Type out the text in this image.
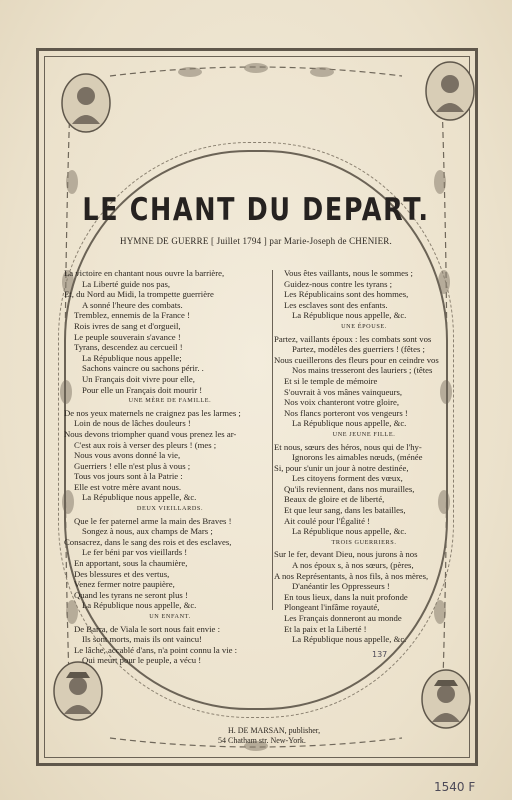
LE CHANT DU DEPART.
HYMNE DE GUERRE [ Juillet 1794 ] par Marie-Joseph de CHENIER.
La victoire en chantant nous ouvre la barrière,
La Liberté guide nos pas,
Et, du Nord au Midi, la trompette guerrière
A sonné l'heure des combats.
Tremblez, ennemis de la France !
Rois ivres de sang et d'orgueil,
Le peuple souverain s'avance !
Tyrans, descendez au cercueil !
La République nous appelle;
Sachons vaincre ou sachons périr. .
Un Français doit vivre pour elle,
Pour elle un Français doit mourir !
UNE MÈRE DE FAMILLE.
De nos yeux maternels ne craignez pas les larmes ;
Loin de nous de lâches douleurs !
Nous devons triompher quand vous prenez les ar-
C'est aux rois à verser des pleurs ! (mes ;
Nous vous avons donné la vie,
Guerriers ! elle n'est plus à vous ;
Tous vos jours sont à la Patrie :
Elle est votre mère avant nous.
La République nous appelle, &c.
DEUX VIEILLARDS.
Que le fer paternel arme la main des Braves !
Songez à nous, aux champs de Mars ;
Consacrez, dans le sang des rois et des esclaves,
Le fer béni par vos vieillards !
En apportant, sous la chaumière,
Des blessures et des vertus,
Venez fermer notre paupière,
Quand les tyrans ne seront plus !
La République nous appelle, &c.
UN ENFANT.
De Barra, de Viala le sort nous fait envie :
Ils sont morts, mais ils ont vaincu!
Le lâche, accablé d'ans, n'a point connu la vie :
Qui meurt pour le peuple, a vécu !
Vous êtes vaillants, nous le sommes ;
Guidez-nous contre les tyrans ;
Les Républicains sont des hommes,
Les esclaves sont des enfants.
La République nous appelle, &c.
UNE ÉPOUSE.
Partez, vaillants époux : les combats sont vos
Partez, modèles des guerriers ! (fêtes ;
Nous cueillerons des fleurs pour en ceindre vos
Nos mains tresseront des lauriers ; (têtes
Et si le temple de mémoire
S'ouvrait à vos mânes vainqueurs,
Nos voix chanteront votre gloire,
Nos flancs porteront vos vengeurs !
La République nous appelle, &c.
UNE JEUNE FILLE.
Et nous, sœurs des héros, nous qui de l'hy-
Ignorons les aimables nœuds, (ménée
Si, pour s'unir un jour à notre destinée,
Les citoyens forment des vœux,
Qu'ils reviennent, dans nos murailles,
Beaux de gloire et de liberté,
Et que leur sang, dans les batailles,
Ait coulé pour l'Égalité !
La République nous appelle, &c.
TROIS GUERRIERS.
Sur le fer, devant Dieu, nous jurons à nos
A nos époux s, à nos sœurs, (pères,
A nos Représentants, à nos fils, à nos mères,
D'anéantir les Oppresseurs !
En tous lieux, dans la nuit profonde
Plongeant l'infâme royauté,
Les Français donneront au monde
Et la paix et la Liberté !
La République nous appelle, &c.
H. DE MARSAN, publisher,
54 Chatham str. New-York.
137
1540 F
